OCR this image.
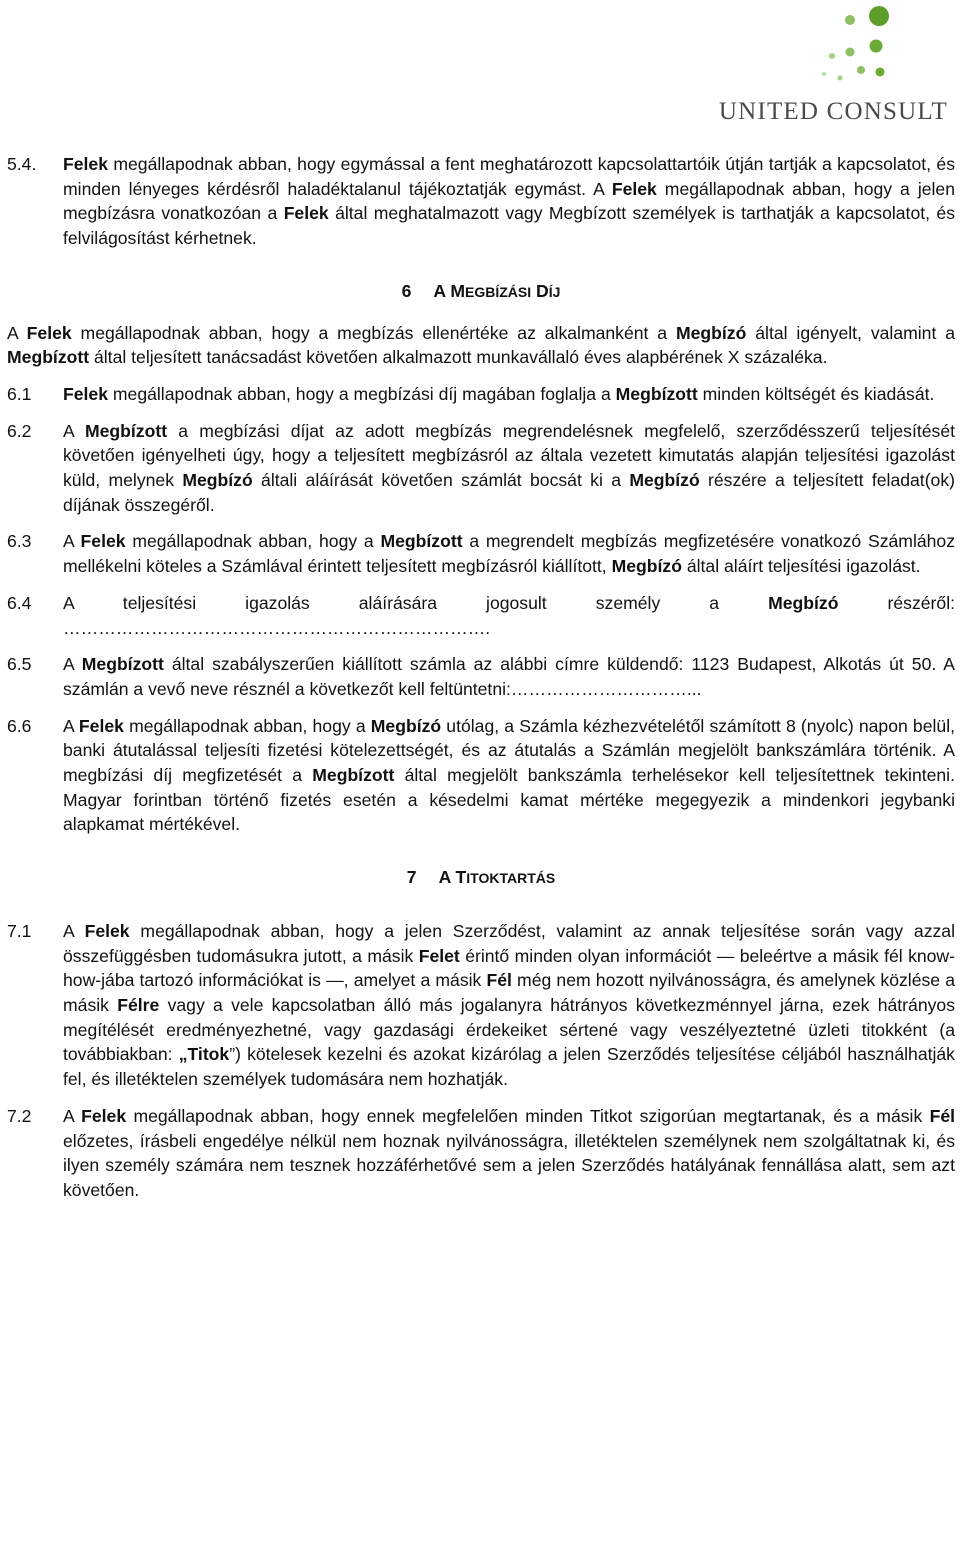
UNITED CONSULT
5.4.	Felek megállapodnak abban, hogy egymással a fent meghatározott kapcsolattartóik útján tartják a kapcsolatot, és minden lényeges kérdésről haladéktalanul tájékoztatják egymást. A Felek megállapodnak abban, hogy a jelen megbízásra vonatkozóan a Felek által meghatalmazott vagy Megbízott személyek is tarthatják a kapcsolatot, és felvilágosítást kérhetnek.
6 A MEGBÍZÁSI DÍJ
A Felek megállapodnak abban, hogy a megbízás ellenértéke az alkalmanként a Megbízó által igényelt, valamint a Megbízott által teljesített tanácsadást követően alkalmazott munkavállaló éves alapbérének X százaléka.
6.1	Felek megállapodnak abban, hogy a megbízási díj magában foglalja a Megbízott minden költségét és kiadását.
6.2	A Megbízott a megbízási díjat az adott megbízás megrendelésnek megfelelő, szerződésszerű teljesítését követően igényelheti úgy, hogy a teljesített megbízásról az általa vezetett kimutatás alapján teljesítési igazolást küld, melynek Megbízó általi aláírását követően számlát bocsát ki a Megbízó részére a teljesített feladat(ok) díjának összegéről.
6.3	A Felek megállapodnak abban, hogy a Megbízott a megrendelt megbízás megfizetésére vonatkozó Számlához mellékelni köteles a Számlával érintett teljesített megbízásról kiállított, Megbízó által aláírt teljesítési igazolást.
6.4	A teljesítési igazolás aláírására jogosult személy a Megbízó részéről: ……………………………………………………………….
6.5	A Megbízott által szabályszerűen kiállított számla az alábbi címre küldendő: 1123 Budapest, Alkotás út 50. A számlán a vevő neve résznél a következőt kell feltüntetni:…………………………...
6.6	A Felek megállapodnak abban, hogy a Megbízó utólag, a Számla kézhezvételétől számított 8 (nyolc) napon belül, banki átutalással teljesíti fizetési kötelezettségét, és az átutalás a Számlán megjelölt bankszámlára történik. A megbízási díj megfizetését a Megbízott által megjelölt bankszámla terhelésekor kell teljesítettnek tekinteni. Magyar forintban történő fizetés esetén a késedelmi kamat mértéke megegyezik a mindenkori jegybanki alapkamat mértékével.
7 A TITOKTARTÁS
7.1	A Felek megállapodnak abban, hogy a jelen Szerződést, valamint az annak teljesítése során vagy azzal összefüggésben tudomásukra jutott, a másik Felet érintő minden olyan információt ― beleértve a másik fél know-how-jába tartozó információkat is ―, amelyet a másik Fél még nem hozott nyilvánosságra, és amelynek közlése a másik Félre vagy a vele kapcsolatban álló más jogalanyra hátrányos következménnyel járna, ezek hátrányos megítélését eredményezhetné, vagy gazdasági érdekeiket sértené vagy veszélyeztetné üzleti titokként (a továbbiakban: „Titok”) kötelesek kezelni és azokat kizárólag a jelen Szerződés teljesítése céljából használhatják fel, és illetéktelen személyek tudomására nem hozhatják.
7.2	A Felek megállapodnak abban, hogy ennek megfelelően minden Titkot szigorúan megtartanak, és a másik Fél előzetes, írásbeli engedélye nélkül nem hoznak nyilvánosságra, illetéktelen személynek nem szolgáltatnak ki, és ilyen személy számára nem tesznek hozzáférhetővé sem a jelen Szerződés hatályának fennállása alatt, sem azt követően.
